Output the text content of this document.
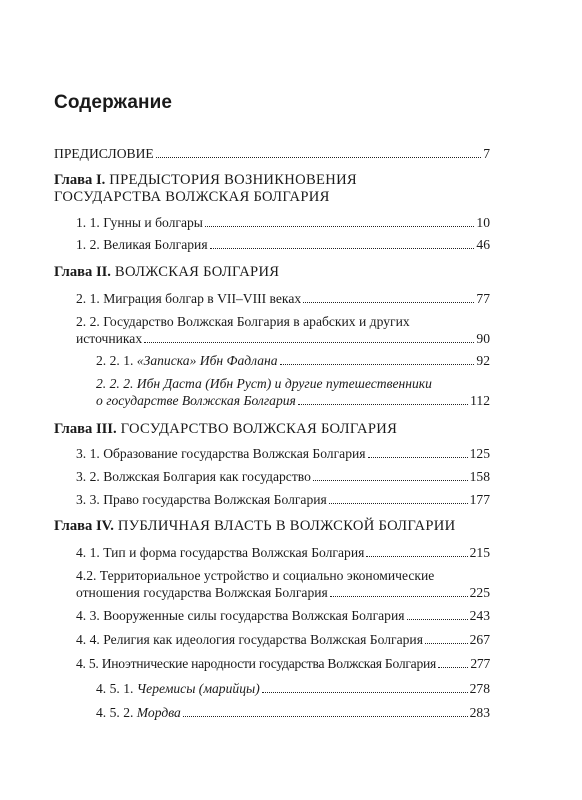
Содержание
ПРЕДИСЛОВИЕ	7
Глава I. ПРЕДЫСТОРИЯ ВОЗНИКНОВЕНИЯ
ГОСУДАРСТВА ВОЛЖСКАЯ БОЛГАРИЯ
1. 1. Гунны и болгары	10
1. 2. Великая Болгария	46
Глава II. ВОЛЖСКАЯ БОЛГАРИЯ
2. 1. Миграция болгар в VII–VIII веках	77
2. 2. Государство Волжская Болгария в арабских и других
источниках	90
2. 2. 1. «Записка» Ибн Фадлана	92
2. 2. 2. Ибн Даста (Ибн Руст) и другие путешественники
о государстве Волжская Болгария	112
Глава III. ГОСУДАРСТВО ВОЛЖСКАЯ БОЛГАРИЯ
3. 1. Образование государства Волжская Болгария	125
3. 2. Волжская Болгария как государство	158
3. 3. Право государства Волжская Болгария	177
Глава IV. ПУБЛИЧНАЯ ВЛАСТЬ В ВОЛЖСКОЙ БОЛГАРИИ
4. 1. Тип и форма государства Волжская Болгария	215
4.2. Территориальное устройство и социально экономические
отношения государства Волжская Болгария	225
4. 3. Вооруженные силы государства Волжская Болгария	243
4. 4. Религия как идеология государства Волжская Болгария	267
4. 5. Иноэтнические народности государства Волжская Болгария	277
4. 5. 1. Черемисы (марийцы)	278
4. 5. 2. Мордва	283
